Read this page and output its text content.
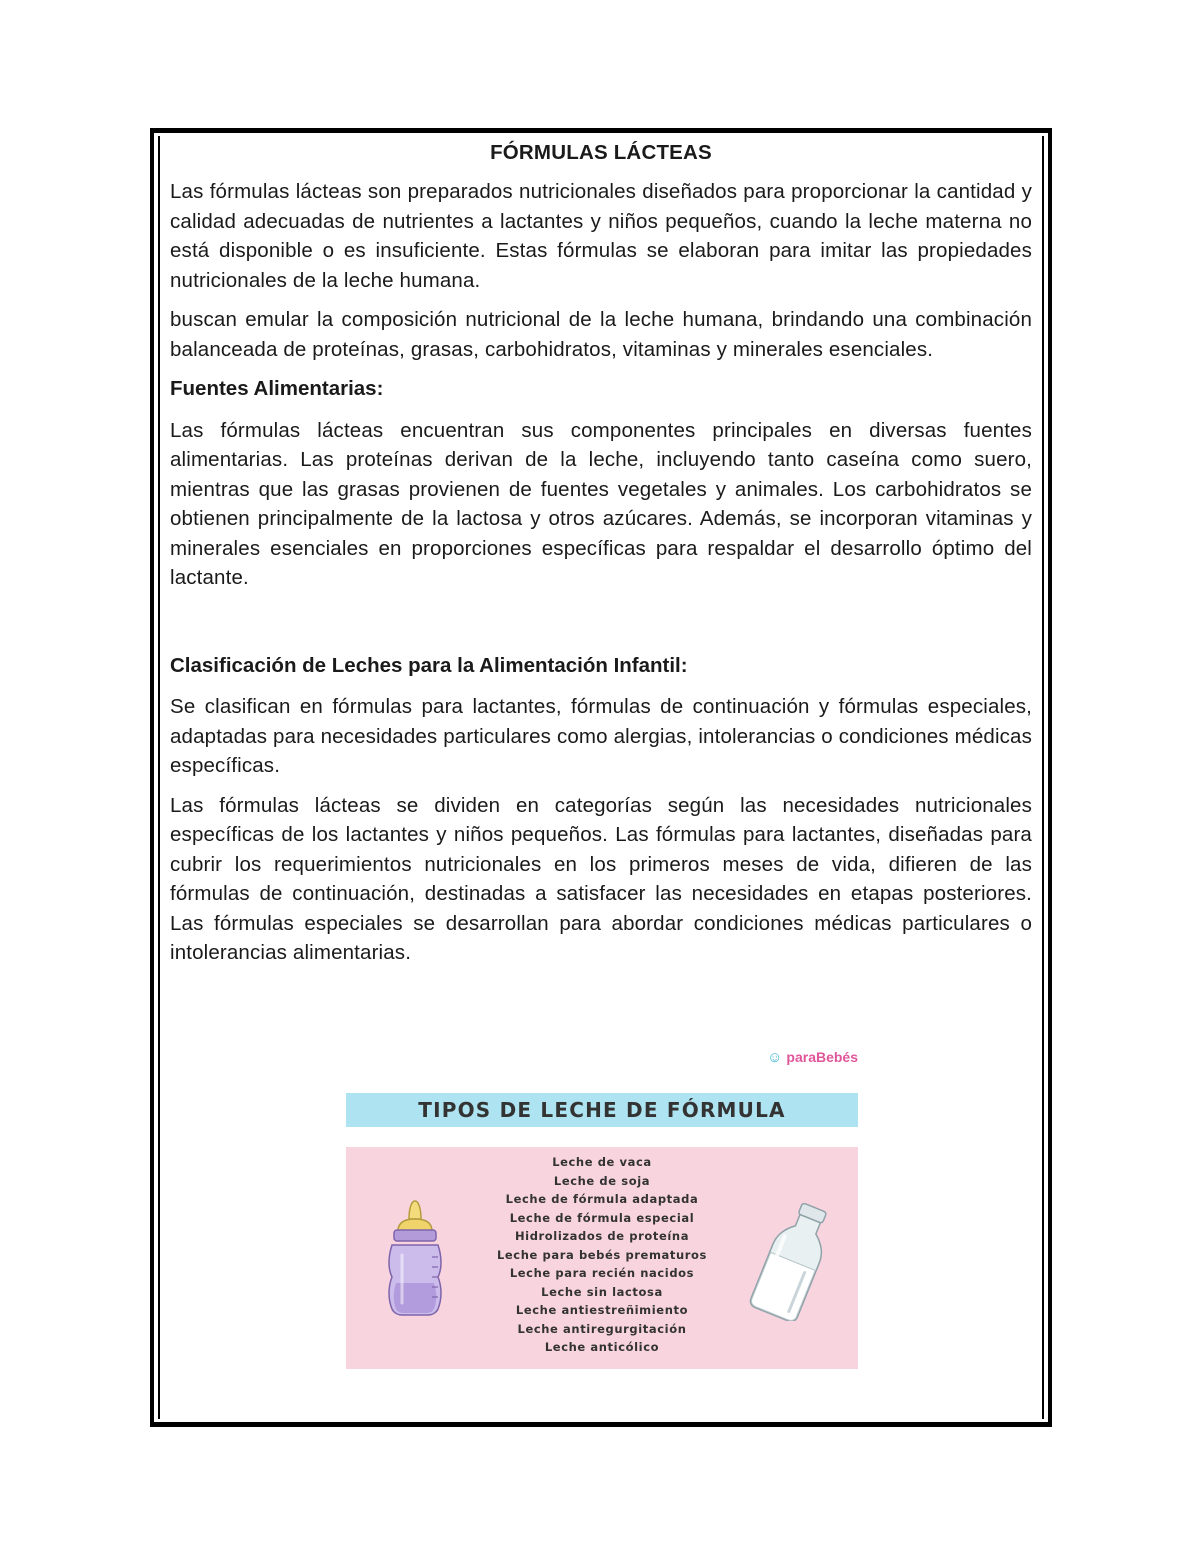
FÓRMULAS LÁCTEAS

Las fórmulas lácteas son preparados nutricionales diseñados para proporcionar la cantidad y calidad adecuadas de nutrientes a lactantes y niños pequeños, cuando la leche materna no está disponible o es insuficiente. Estas fórmulas se elaboran para imitar las propiedades nutricionales de la leche humana.

buscan emular la composición nutricional de la leche humana, brindando una combinación balanceada de proteínas, grasas, carbohidratos, vitaminas y minerales esenciales.

Fuentes Alimentarias:

Las fórmulas lácteas encuentran sus componentes principales en diversas fuentes alimentarias. Las proteínas derivan de la leche, incluyendo tanto caseína como suero, mientras que las grasas provienen de fuentes vegetales y animales. Los carbohidratos se obtienen principalmente de la lactosa y otros azúcares. Además, se incorporan vitaminas y minerales esenciales en proporciones específicas para respaldar el desarrollo óptimo del lactante.

Clasificación de Leches para la Alimentación Infantil:

Se clasifican en fórmulas para lactantes, fórmulas de continuación y fórmulas especiales, adaptadas para necesidades particulares como alergias, intolerancias o condiciones médicas específicas.

Las fórmulas lácteas se dividen en categorías según las necesidades nutricionales específicas de los lactantes y niños pequeños. Las fórmulas para lactantes, diseñadas para cubrir los requerimientos nutricionales en los primeros meses de vida, difieren de las fórmulas de continuación, destinadas a satisfacer las necesidades en etapas posteriores. Las fórmulas especiales se desarrollan para abordar condiciones médicas particulares o intolerancias alimentarias.

☺ paraBebés
TIPOS DE LECHE DE FÓRMULA
Leche de vaca
Leche de soja
Leche de fórmula adaptada
Leche de fórmula especial
Hidrolizados de proteína
Leche para bebés prematuros
Leche para recién nacidos
Leche sin lactosa
Leche antiestreñimiento
Leche antiregurgitación
Leche anticólico
